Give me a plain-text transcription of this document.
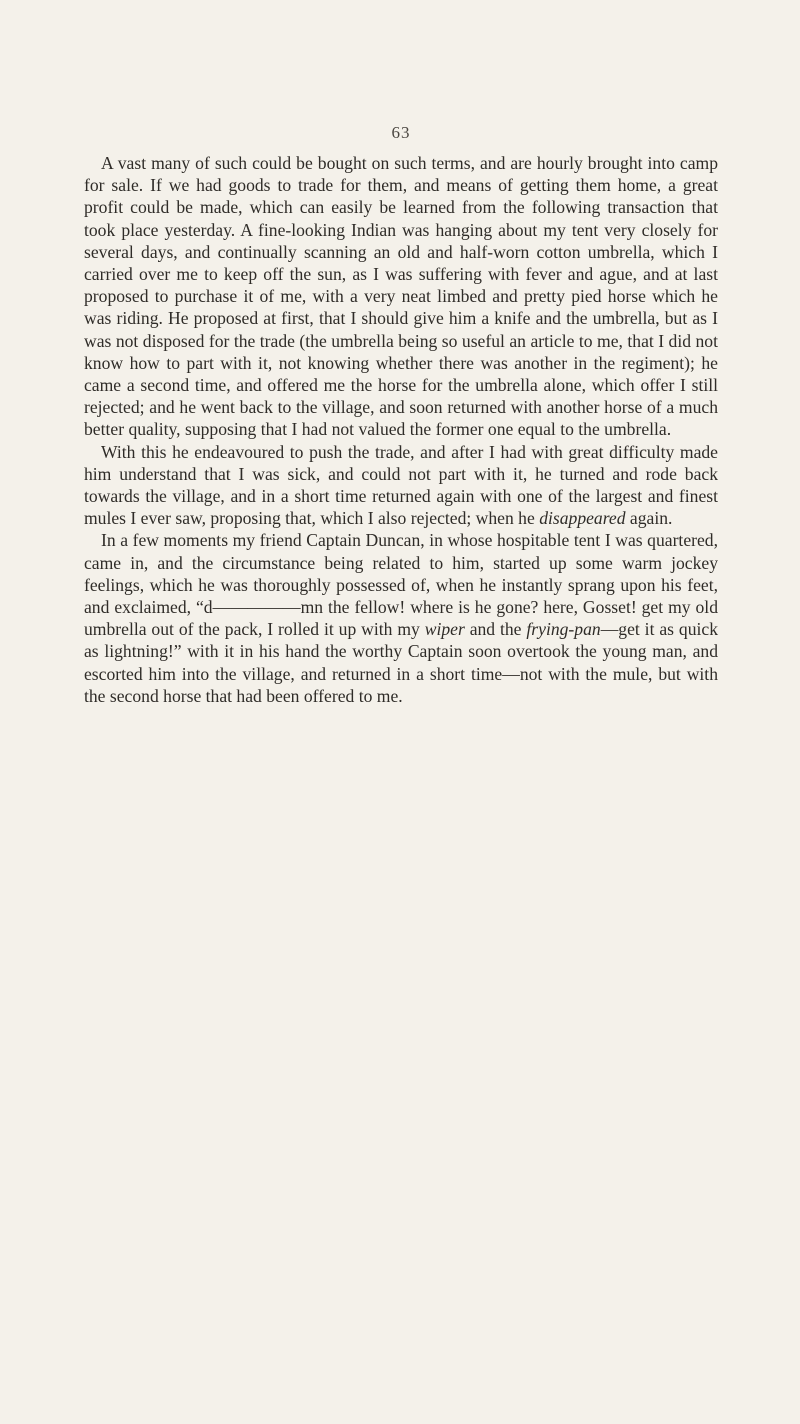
63

A vast many of such could be bought on such terms, and are hourly brought into camp for sale. If we had goods to trade for them, and means of getting them home, a great profit could be made, which can easily be learned from the following transaction that took place yesterday. A fine-looking Indian was hanging about my tent very closely for several days, and continually scanning an old and half-worn cotton umbrella, which I carried over me to keep off the sun, as I was suffering with fever and ague, and at last proposed to purchase it of me, with a very neat limbed and pretty pied horse which he was riding. He proposed at first, that I should give him a knife and the umbrella, but as I was not disposed for the trade (the umbrella being so useful an article to me, that I did not know how to part with it, not knowing whether there was another in the regiment); he came a second time, and offered me the horse for the umbrella alone, which offer I still rejected; and he went back to the village, and soon returned with another horse of a much better quality, supposing that I had not valued the former one equal to the umbrella.

With this he endeavoured to push the trade, and after I had with great difficulty made him understand that I was sick, and could not part with it, he turned and rode back towards the village, and in a short time returned again with one of the largest and finest mules I ever saw, proposing that, which I also rejected; when he disappeared again.

In a few moments my friend Captain Duncan, in whose hospitable tent I was quartered, came in, and the circumstance being related to him, started up some warm jockey feelings, which he was thoroughly possessed of, when he instantly sprang upon his feet, and exclaimed, “d—————mn the fellow! where is he gone? here, Gosset! get my old umbrella out of the pack, I rolled it up with my wiper and the frying-pan—get it as quick as lightning!” with it in his hand the worthy Captain soon overtook the young man, and escorted him into the village, and returned in a short time—not with the mule, but with the second horse that had been offered to me.
